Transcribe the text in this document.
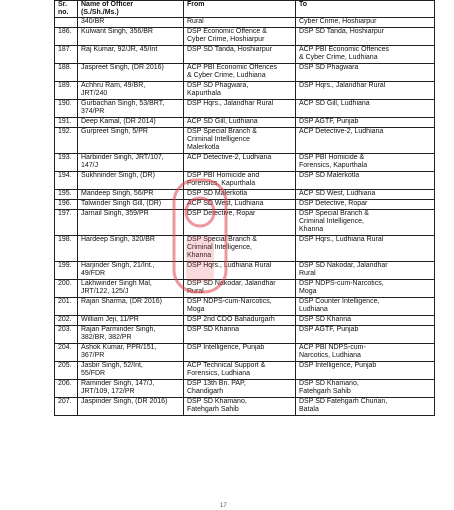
Sr.
no.	Name of Officer
(S./Sh./Ms.)	From	To

	340/BR	Rural	Cyber Crime, Hoshiarpur

186.	Kulwant Singh, 356/BR	DSP Economic Offence &
Cyber Crime, Hoshiarpur	DSP SD Tanda, Hoshiarpur

187.	Raj Kumar, 92/JR, 45/Int	DSP SD Tanda, Hoshiarpur	ACP PBI Economic Offences
& Cyber Crime, Ludhiana

188.	Jaspreet Singh, (DR 2016)	ACP PBI Economic Offences
& Cyber Crime, Ludhiana	DSP SD Phagwara

189.	Achhru Ram, 49/BR,
JRT/240	DSP SD Phagwara,
Kapurthala	DSP Hqrs., Jalandhar Rural

190.	Gurbachan Singh, 53/BRT,
374/PR	DSP Hqrs., Jalandhar Rural	ACP SD Gill, Ludhiana

191.	Deep Kamal, (DR 2014)	ACP SD Gill, Ludhiana	DSP AGTF, Punjab

192.	Gurpreet Singh, 5/PR	DSP Special Branch &
Criminal Intelligence
Malerkotla	ACP Detective-2, Ludhiana

193.	Harbinder Singh, JRT/107,
147/J	ACP Detective-2, Ludhiana	DSP PBI Homicide &
Forensics, Kapurthala

194.	Sukhninder Singh, (DR)	DSP PBI Homicide and
Forensics, Kapurthala	DSP SD Malerkotla

195.	Mandeep Singh, 56/PR	DSP SD Malerkotla	ACP SD West, Ludhiana

196.	Talwinder Singh Gill, (DR)	ACP SD West, Ludhiana	DSP Detective, Ropar

197.	Jarnail Singh, 359/PR	DSP Detective, Ropar	DSP Special Branch &
Criminal Intelligence,
Khanna

198.	Hardeep Singh, 320/BR	DSP Special Branch &
Criminal Intelligence,
Khanna	DSP Hqrs., Ludhiana Rural

199.	Harjinder Singh, 21/Int.,
49/FDR	DSP Hqrs., Ludhiana Rural	DSP SD Nakodar, Jalandhar
Rural

200.	Lakhwinder Singh Mal,
JRT/122, 125/J	DSP SD Nakodar, Jalandhar
Rural	DSP NDPS-cum-Narcotics,
Moga

201.	Rajan Sharma, (DR 2016)	DSP NDPS-cum-Narcotics,
Moga	DSP Counter Intelligence,
Ludhiana

202.	William Jeji, 11/PR	DSP 2nd CDO Bahadurgarh	DSP SD Khanna

203.	Rajan Parminder Singh,
382/BR, 382/PR	DSP SD Khanna	DSP AGTF, Punjab

204.	Ashok Kumar, PPR/151,
367/PR	DSP Intelligence, Punjab	ACP PBI NDPS-cum-
Narcotics, Ludhiana

205.	Jasbir Singh, 52/Int,
55/FDR	ACP Technical Support &
Forensics, Ludhiana	DSP Intelligence, Punjab

206.	Raminder Singh, 147/J,
JRT/109, 172/PR	DSP 13th Bn. PAP,
Chandigarh	DSP SD Khamano,
Fatehgarh Sahib

207.	Jaspinder Singh, (DR 2016)	DSP SD Khamano,
Fatehgarh Sahib	DSP SD Fatehgarh Churian,
Batala
17
